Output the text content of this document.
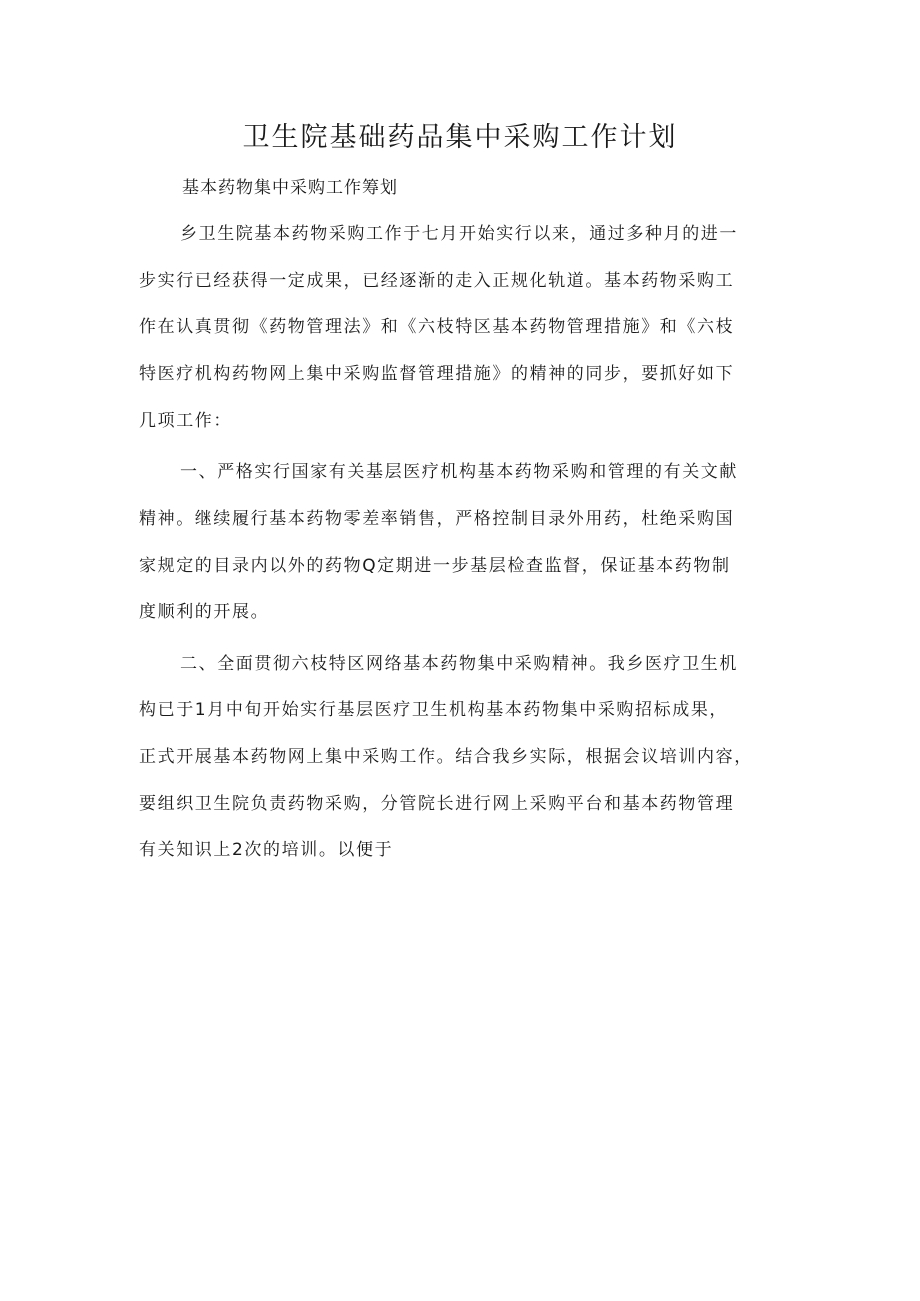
卫生院基础药品集中采购工作计划

基本药物集中采购工作筹划

乡卫生院基本药物采购工作于七月开始实行以来，通过多种月的进一

步实行已经获得一定成果，已经逐渐的走入正规化轨道。基本药物采购工

作在认真贯彻《药物管理法》和《六枝特区基本药物管理措施》和《六枝

特医疗机构药物网上集中采购监督管理措施》的精神的同步，要抓好如下

几项工作：

一、严格实行国家有关基层医疗机构基本药物采购和管理的有关文献

精神。继续履行基本药物零差率销售，严格控制目录外用药，杜绝采购国

家规定的目录内以外的药物Q定期进一步基层检查监督，保证基本药物制

度顺利的开展。

二、全面贯彻六枝特区网络基本药物集中采购精神。我乡医疗卫生机

构已于1月中旬开始实行基层医疗卫生机构基本药物集中采购招标成果，

正式开展基本药物网上集中采购工作。结合我乡实际，根据会议培训内容，

要组织卫生院负责药物采购，分管院长进行网上采购平台和基本药物管理

有关知识上2次的培训。以便于
